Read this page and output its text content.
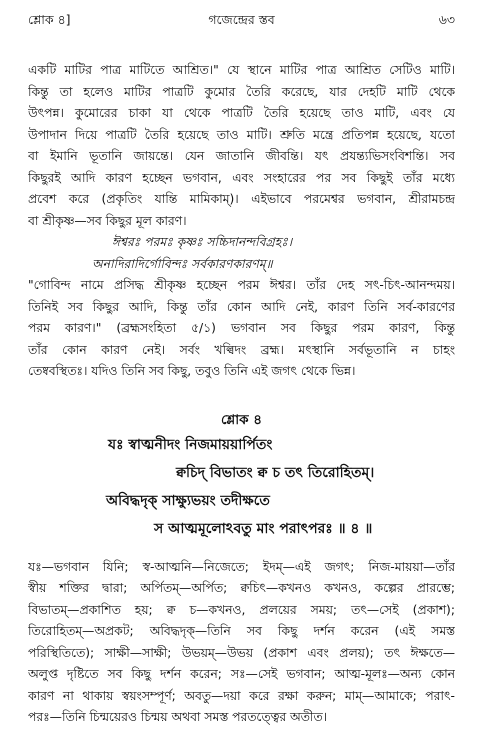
শ্লোক ৪]	গজেন্দ্রের স্তব	৬৩
একটি মাটির পাত্র মাটিতে আশ্রিত।" যে স্থানে মাটির পাত্র আশ্রিত সেটিও মাটি।
কিন্তু তা হলেও মাটির পাত্রটি কুমোর তৈরি করেছে, যার দেহটি মাটি থেকে
উৎপন্ন। কুমোরের চাকা যা থেকে পাত্রটি তৈরি হয়েছে তাও মাটি, এবং যে
উপাদান দিয়ে পাত্রটি তৈরি হয়েছে তাও মাটি। শ্রুতি মন্ত্রে প্রতিপন্ন হয়েছে, যতো
বা ইমানি ভূতানি জায়ন্তে। যেন জাতানি জীবন্তি। যৎ প্রযন্ত্যভিসংবিশন্তি। সব
কিছুরই আদি কারণ হচ্ছেন ভগবান, এবং সংহারের পর সব কিছুই তাঁর মধ্যে
প্রবেশ করে (প্রকৃতিং যান্তি মামিকাম্)। এইভাবে পরমেশ্বর ভগবান, শ্রীরামচন্দ্র
বা শ্রীকৃষ্ণ—সব কিছুর মূল কারণ।
ঈশ্বরঃ পরমঃ কৃষ্ণঃ সচ্চিদানন্দবিগ্রহঃ।
অনাদিরাদির্গোবিন্দঃ সর্বকারণকারণম্॥
"গোবিন্দ নামে প্রসিদ্ধ শ্রীকৃষ্ণ হচ্ছেন পরম ঈশ্বর। তাঁর দেহ সৎ-চিৎ-আনন্দময়।
তিনিই সব কিছুর আদি, কিন্তু তাঁর কোন আদি নেই, কারণ তিনি সর্ব-কারণের
পরম কারণ।" (ব্রহ্মসংহিতা ৫/১) ভগবান সব কিছুর পরম কারণ, কিন্তু
তাঁর কোন কারণ নেই। সর্বং খল্বিদং ব্রহ্ম। মৎস্থানি সর্বভূতানি ন চাহং
তেষ্ববস্থিতঃ। যদিও তিনি সব কিছু, তবুও তিনি এই জগৎ থেকে ভিন্ন।
শ্লোক ৪
যঃ স্বাত্মনীদং নিজমায়য়ার্পিতং
ক্বচিদ্ বিভাতং ক্ব চ তৎ তিরোহিতম্।
অবিদ্ধদৃক্ সাক্ষ্যুভয়ং তদীক্ষতে
স আত্মমূলোঽবতু মাং পরাৎপরঃ ॥ ৪ ॥
যঃ—ভগবান যিনি; স্ব-আত্মনি—নিজেতে; ইদম্—এই জগৎ; নিজ-মায়য়া—তাঁর
স্বীয় শক্তির দ্বারা; অর্পিতম্—অর্পিত; ক্বচিৎ—কখনও কখনও, কল্পের প্রারম্ভে;
বিভাতম্—প্রকাশিত হয়; ক্ব চ—কখনও, প্রলয়ের সময়; তৎ—সেই (প্রকাশ);
তিরোহিতম্—অপ্রকট; অবিদ্ধদৃক্—তিনি সব কিছু দর্শন করেন (এই সমস্ত
পরিস্থিতিতে); সাক্ষী—সাক্ষী; উভয়ম্—উভয় (প্রকাশ এবং প্রলয়); তৎ ঈক্ষতে—
অলুপ্ত দৃষ্টিতে সব কিছু দর্শন করেন; সঃ—সেই ভগবান; আত্ম-মূলঃ—অন্য কোন
কারণ না থাকায় স্বয়ংসম্পূর্ণ; অবতু—দয়া করে রক্ষা করুন; মাম্—আমাকে; পরাৎ-
পরঃ—তিনি চিন্ময়েরও চিন্ময় অথবা সমস্ত পরতত্ত্বের অতীত।
